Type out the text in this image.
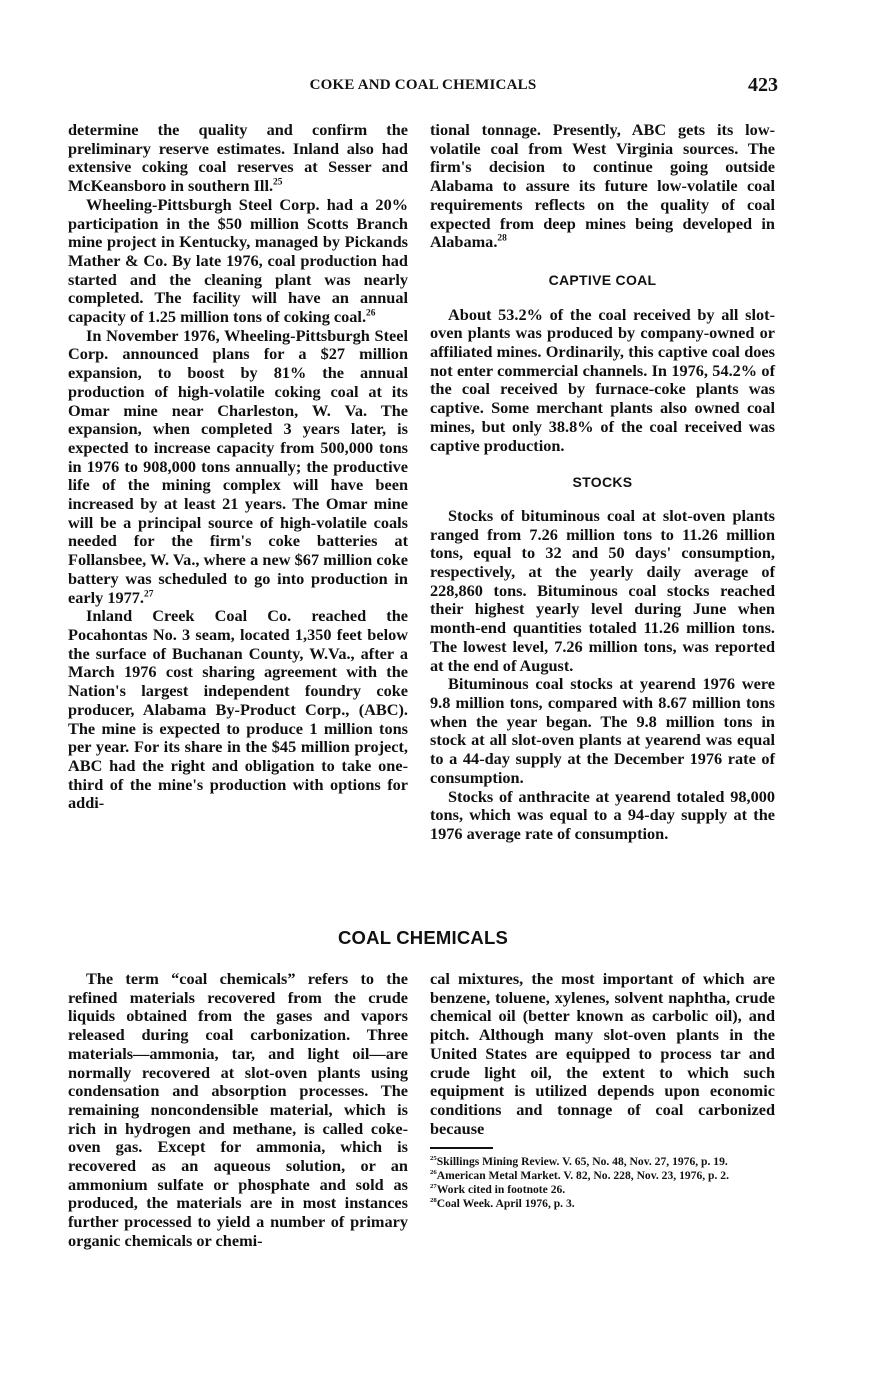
COKE AND COAL CHEMICALS	423

determine the quality and confirm the preliminary reserve estimates. Inland also had extensive coking coal reserves at Sesser and McKeansboro in southern Ill.$^{25}$

Wheeling-Pittsburgh Steel Corp. had a 20% participation in the $50 million Scotts Branch mine project in Kentucky, managed by Pickands Mather & Co. By late 1976, coal production had started and the cleaning plant was nearly completed. The facility will have an annual capacity of 1.25 million tons of coking coal.$^{26}$

In November 1976, Wheeling-Pittsburgh Steel Corp. announced plans for a $27 million expansion, to boost by 81% the annual production of high-volatile coking coal at its Omar mine near Charleston, W. Va. The expansion, when completed 3 years later, is expected to increase capacity from 500,000 tons in 1976 to 908,000 tons annually; the productive life of the mining complex will have been increased by at least 21 years. The Omar mine will be a principal source of high-volatile coals needed for the firm's coke batteries at Follansbee, W. Va., where a new $67 million coke battery was scheduled to go into production in early 1977.27

Inland Creek Coal Co. reached the Pocahontas No. 3 seam, located 1,350 feet below the surface of Buchanan County, W.Va., after a March 1976 cost sharing agreement with the Nation's largest independent foundry coke producer, Alabama By-Product Corp., (ABC). The mine is expected to produce 1 million tons per year. For its share in the $45 million project, ABC had the right and obligation to take one-third of the mine's production with options for addi-

tional tonnage. Presently, ABC gets its low-volatile coal from West Virginia sources. The firm's decision to continue going outside Alabama to assure its future low-volatile coal requirements reflects on the quality of coal expected from deep mines being developed in Alabama.$^{28}$

CAPTIVE COAL

About 53.2% of the coal received by all slot-oven plants was produced by company-owned or affiliated mines. Ordinarily, this captive coal does not enter commercial channels. In 1976, 54.2% of the coal received by furnace-coke plants was captive. Some merchant plants also owned coal mines, but only 38.8% of the coal received was captive production.

STOCKS

Stocks of bituminous coal at slot-oven plants ranged from 7.26 million tons to 11.26 million tons, equal to 32 and 50 days' consumption, respectively, at the yearly daily average of 228,860 tons. Bituminous coal stocks reached their highest yearly level during June when month-end quantities totaled 11.26 million tons. The lowest level, 7.26 million tons, was reported at the end of August.

Bituminous coal stocks at yearend 1976 were 9.8 million tons, compared with 8.67 million tons when the year began. The 9.8 million tons in stock at all slot-oven plants at yearend was equal to a 44-day supply at the December 1976 rate of consumption.

Stocks of anthracite at yearend totaled 98,000 tons, which was equal to a 94-day supply at the 1976 average rate of consumption.

COAL CHEMICALS

The term “coal chemicals” refers to the refined materials recovered from the crude liquids obtained from the gases and vapors released during coal carbonization. Three materials—ammonia, tar, and light oil—are normally recovered at slot-oven plants using condensation and absorption processes. The remaining noncondensible material, which is rich in hydrogen and methane, is called coke-oven gas. Except for ammonia, which is recovered as an aqueous solution, or an ammonium sulfate or phosphate and sold as produced, the materials are in most instances further processed to yield a number of primary organic chemicals or chemi-

cal mixtures, the most important of which are benzene, toluene, xylenes, solvent naphtha, crude chemical oil (better known as carbolic oil), and pitch. Although many slot-oven plants in the United States are equipped to process tar and crude light oil, the extent to which such equipment is utilized depends upon economic conditions and tonnage of coal carbonized because

$^{25}$Skillings Mining Review. V. 65, No. 48, Nov. 27, 1976, p. 19.
$^{26}$American Metal Market. V. 82, No. 228, Nov. 23, 1976, p. 2.
$^{27}$Work cited in footnote 26.
$^{28}$Coal Week. April 1976, p. 3.
